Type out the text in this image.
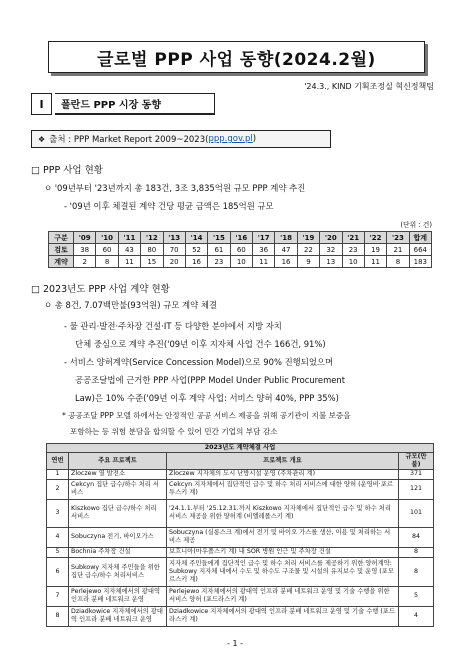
글로벌 PPP 사업 동향(2024.2월)
'24.3., KIND 기획조정실 혁신정책팀
I	폴란드 PPP 시장 동향
❖ 출처 : PPP Market Report 2009~2023( ppp.gov.pl )
□ PPP 사업 현황
ㅇ '09년부터 '23년까지 총 183건, 3조 3,835억원 규모 PPP 계약 추진
- '09년 이후 체결된 계약 건당 평균 금액은 185억원 규모
(단위 : 건)
구분	'09	'10	'11	'12	'13	'14	'15	'16	'17	'18	'19	'20	'21	'22	'23	합계
검토	38	60	43	80	70	52	61	60	36	47	22	32	23	19	21	664
계약	2	8	11	15	20	16	23	10	11	16	9	13	10	11	8	183
□ 2023년도 PPP 사업 계약 현황
ㅇ 총 8건, 7.07백만불(93억원) 규모 계약 체결
- 물 관리·발전·주차장 건설·IT 등 다양한 분야에서 지방 자치
단체 중심으로 계약 추진('09년 이후 지자체 사업 건수 166건, 91%)
- 서비스 양허계약(Service Concession Model)으로 90% 진행되었으며
공공조달법에 근거한 PPP 사업(PPP Model Under Public Procurement
Law)은 10% 수준('09년 이후 계약 사업: 서비스 양허 40%, PPP 35%)
* 공공조달 PPP 모델 하에서는 안정적인 공공 서비스 제공을 위해 공기관이 지불 보증을
포함하는 등 위험 분담을 합의할 수 있어 민간 기업의 부담 감소
2023년도 계약체결 사업			
연번	주요 프로젝트	프로젝트 개요	규모(만불)
1	Zloczew 열 발전소	Zloczew 지자체의 도시 난방시설 운영 (주차관리 계)	371
2	Cekcyn 집단 급수/하수 처리 서비스	Cekcyn 지자체에서 집단적인 급수 및 하수 처리 서비스에 대한 양허 (운영비·포르투스키 계)	121
3	Kiszkowo 집단 급수/하수 처리 서비스	'24.1.1.부터 '25.12.31.까지 Kiszkowo 지자체에서 집단적인 급수 및 하수 처리 서비스 제공을 위한 양허계 (비엘레폴스키 계)	101
4	Sobuczyna 전기, 바이오가스	Sobuczyna (실롱스크 계)에서 전기 및 바이오 가스를 생산, 이용 및 처리하는 서비스 제공	84
5	Bochnia 주차장 건설	보흐니아(마우폴스키 계) 내 SOR 병원 인근 및 주차장 건설	8
6	Subkowy 지자체 주민들을 위한 집단 급수/하수 처리서비스	지자체 주민들에게 집단적인 급수 및 하수 처리 서비스를 제공하기 위한 양허계약: Subkowy 지자체 내에서 수도 및 하수도 구조물 및 시설의 유지보수 및 운영 (포모르스키 계)	8
7	Perlejewo 지자체에서의 광대역 인프라 분배 네트워크 운영	Perlejewo 지자체에서의 광대역 인프라 분배 네트워크 운영 및 기술 수행을 위한 서비스 양허 (포드라스키 계)	5
8	Dziadkowice 지자체에서의 광대역 인프라 분배 네트워크 운영	Dziadkowice 지자체에서의 광대역 인프라 분배 네트워크 운영 및 기술 수행 (포드라스키 계)	4
- 1 -
